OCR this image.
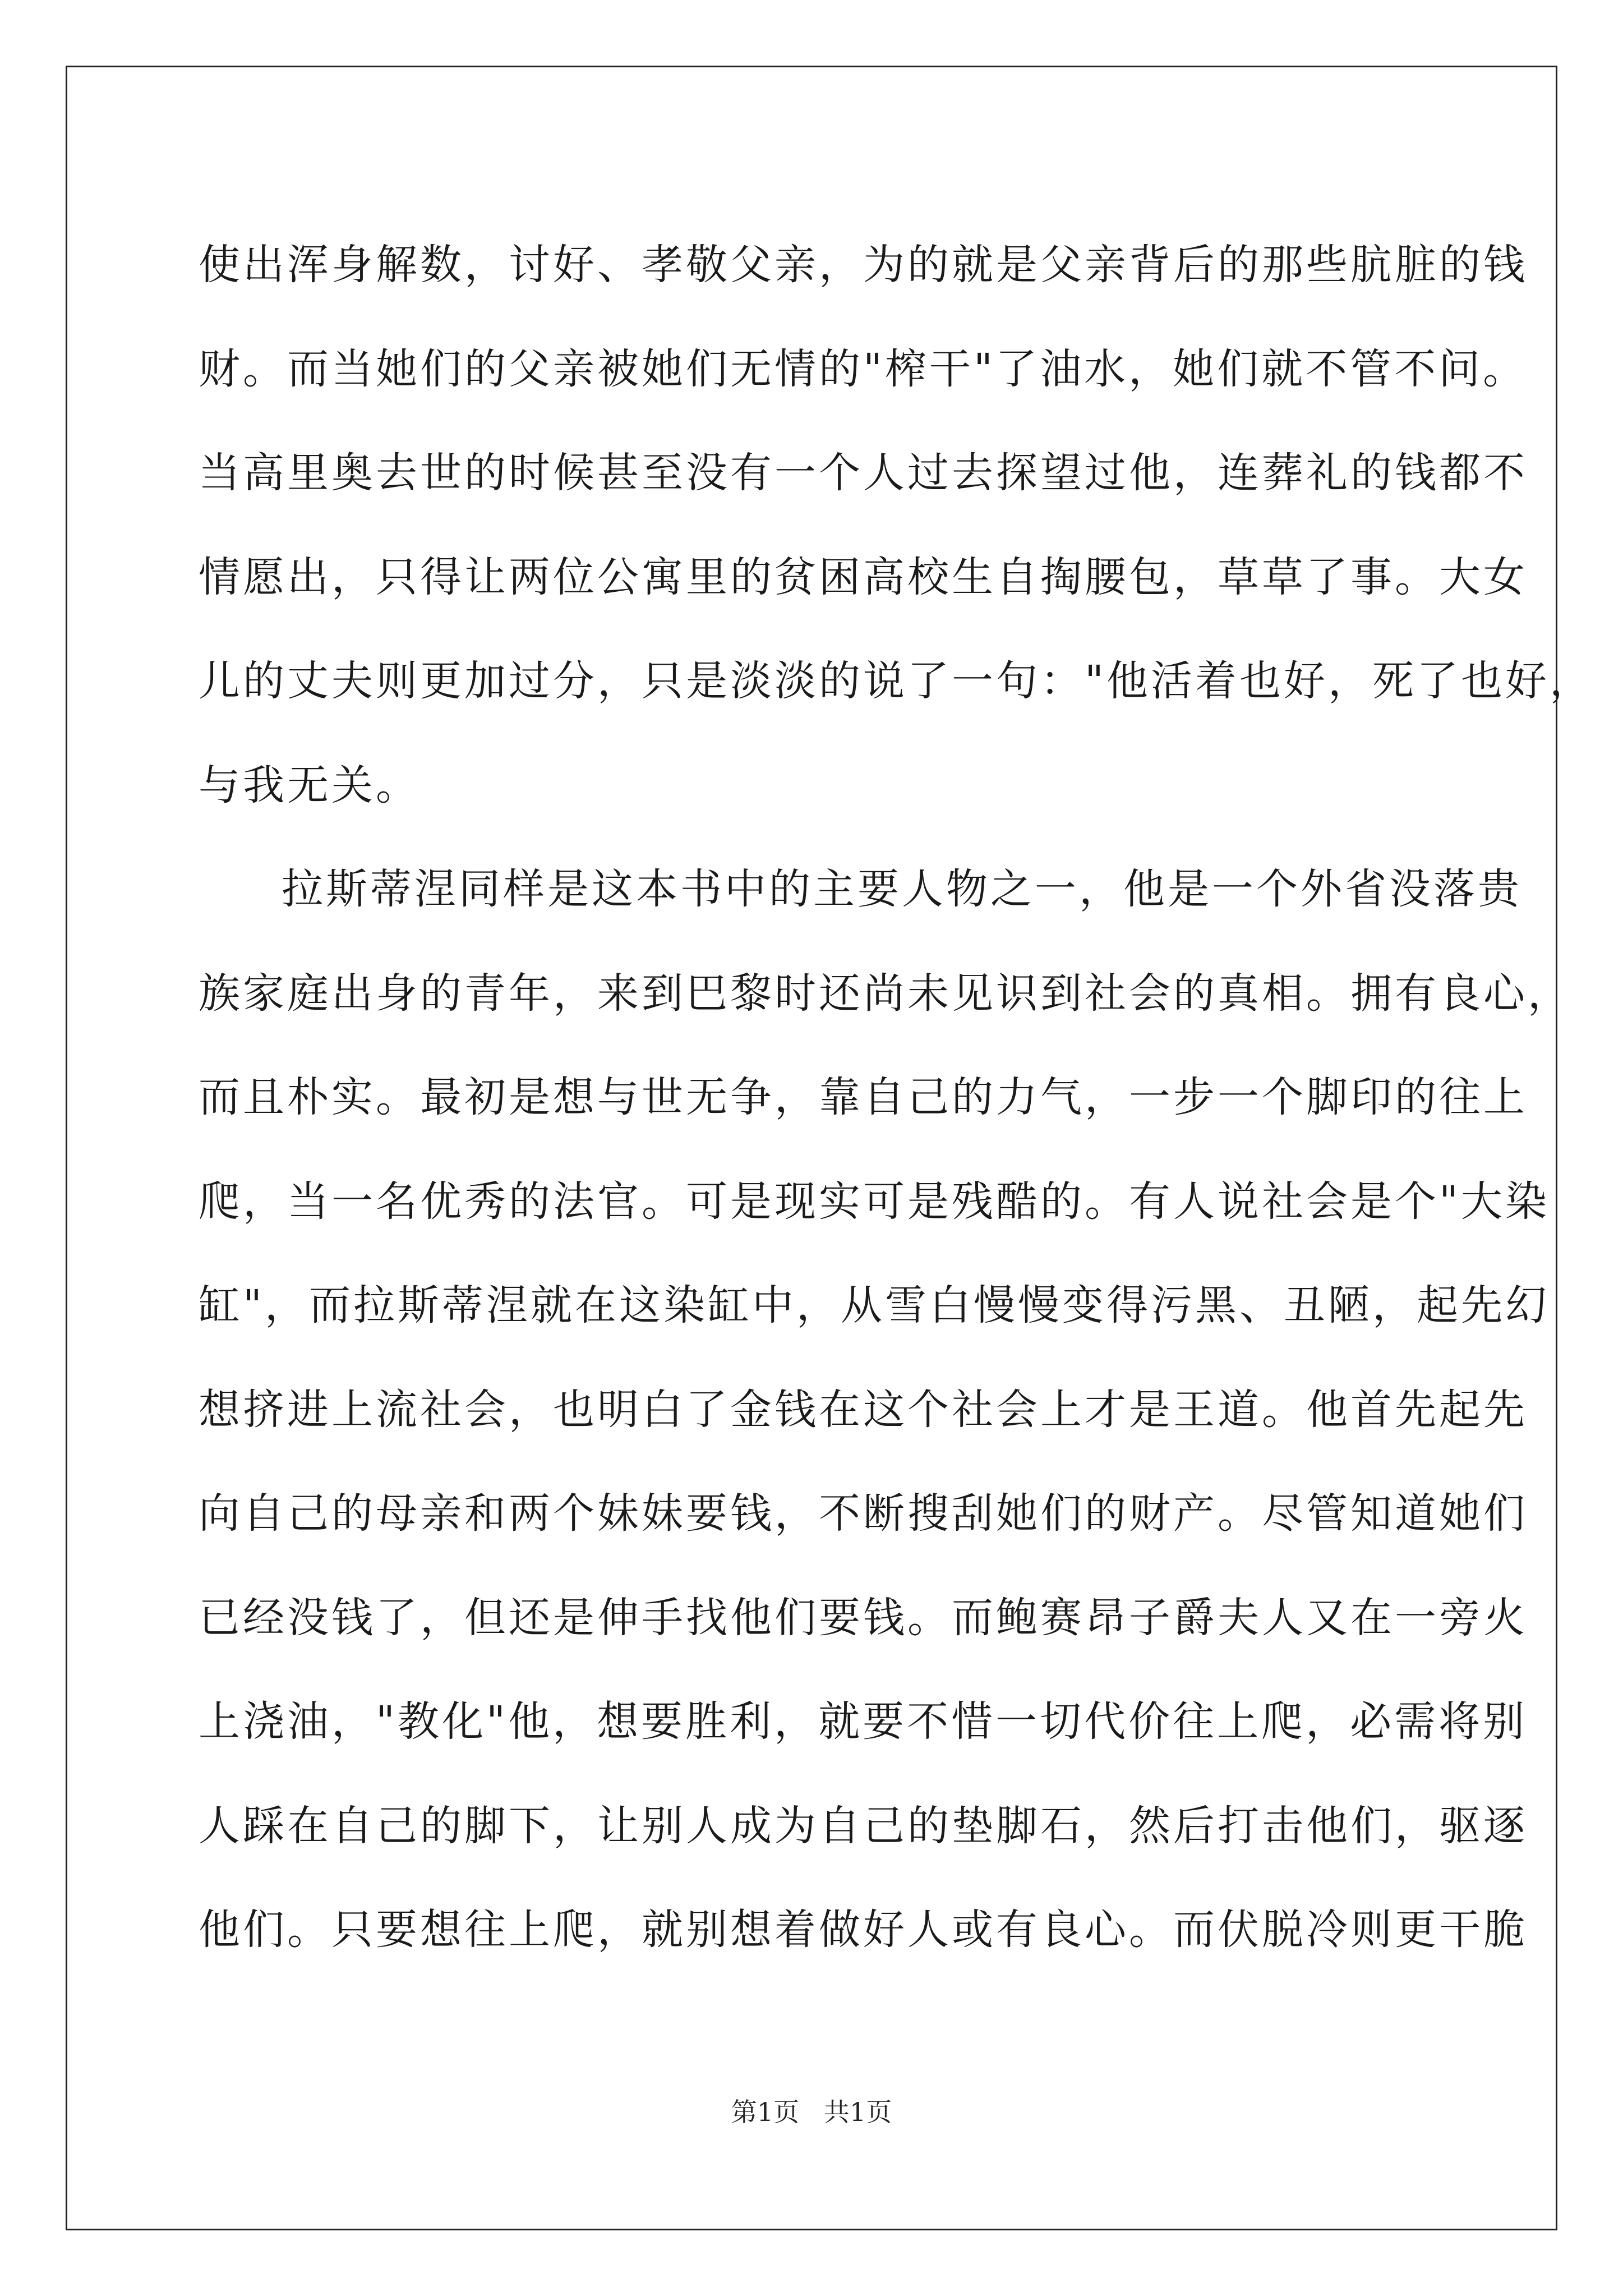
使出浑身解数，讨好、孝敬父亲，为的就是父亲背后的那些肮脏的钱
财。而当她们的父亲被她们无情的"榨干"了油水，她们就不管不问。
当高里奥去世的时候甚至没有一个人过去探望过他，连葬礼的钱都不
情愿出，只得让两位公寓里的贫困高校生自掏腰包，草草了事。大女
儿的丈夫则更加过分，只是淡淡的说了一句："他活着也好，死了也好，
与我无关。
拉斯蒂涅同样是这本书中的主要人物之一，他是一个外省没落贵
族家庭出身的青年，来到巴黎时还尚未见识到社会的真相。拥有良心，
而且朴实。最初是想与世无争，靠自己的力气，一步一个脚印的往上
爬，当一名优秀的法官。可是现实可是残酷的。有人说社会是个"大染
缸"，而拉斯蒂涅就在这染缸中，从雪白慢慢变得污黑、丑陋，起先幻
想挤进上流社会，也明白了金钱在这个社会上才是王道。他首先起先
向自己的母亲和两个妹妹要钱，不断搜刮她们的财产。尽管知道她们
已经没钱了，但还是伸手找他们要钱。而鲍赛昂子爵夫人又在一旁火
上浇油，"教化"他，想要胜利，就要不惜一切代价往上爬，必需将别
人踩在自己的脚下，让别人成为自己的垫脚石，然后打击他们，驱逐
他们。只要想往上爬，就别想着做好人或有良心。而伏脱冷则更干脆
第1页   共1页
